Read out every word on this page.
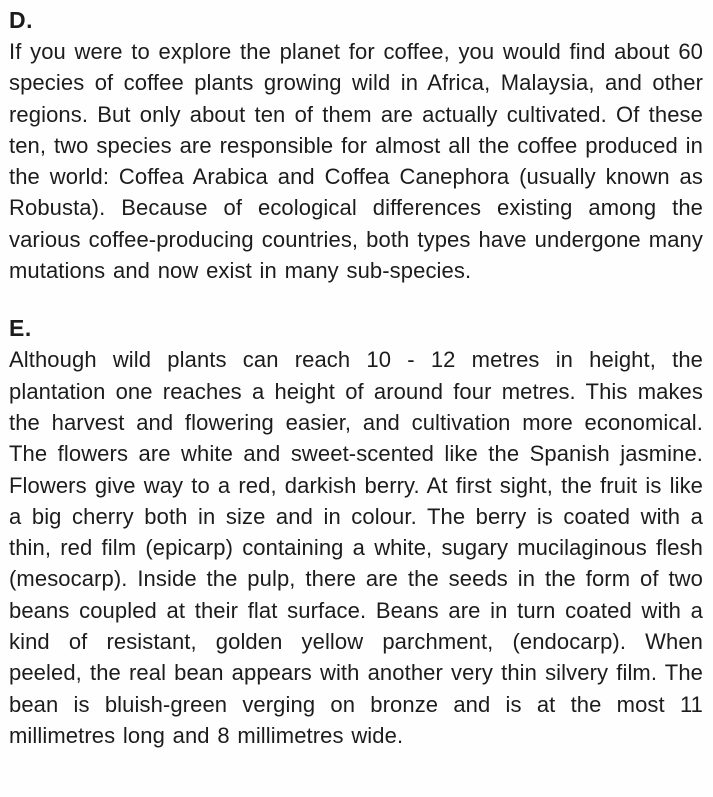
D.

If you were to explore the planet for coffee, you would find about 60 species of coffee plants growing wild in Africa, Malaysia, and other regions. But only about ten of them are actually cultivated. Of these ten, two species are responsible for almost all the coffee produced in the world: Coffea Arabica and Coffea Canephora (usually known as Robusta). Because of ecological differences existing among the various coffee-producing countries, both types have undergone many mutations and now exist in many sub-species.

E.

Although wild plants can reach 10 - 12 metres in height, the plantation one reaches a height of around four metres. This makes the harvest and flowering easier, and cultivation more economical. The flowers are white and sweet-scented like the Spanish jasmine. Flowers give way to a red, darkish berry. At first sight, the fruit is like a big cherry both in size and in colour. The berry is coated with a thin, red film (epicarp) containing a white, sugary mucilaginous flesh (mesocarp). Inside the pulp, there are the seeds in the form of two beans coupled at their flat surface. Beans are in turn coated with a kind of resistant, golden yellow parchment, (endocarp). When peeled, the real bean appears with another very thin silvery film. The bean is bluish-green verging on bronze and is at the most 11 millimetres long and 8 millimetres wide.
